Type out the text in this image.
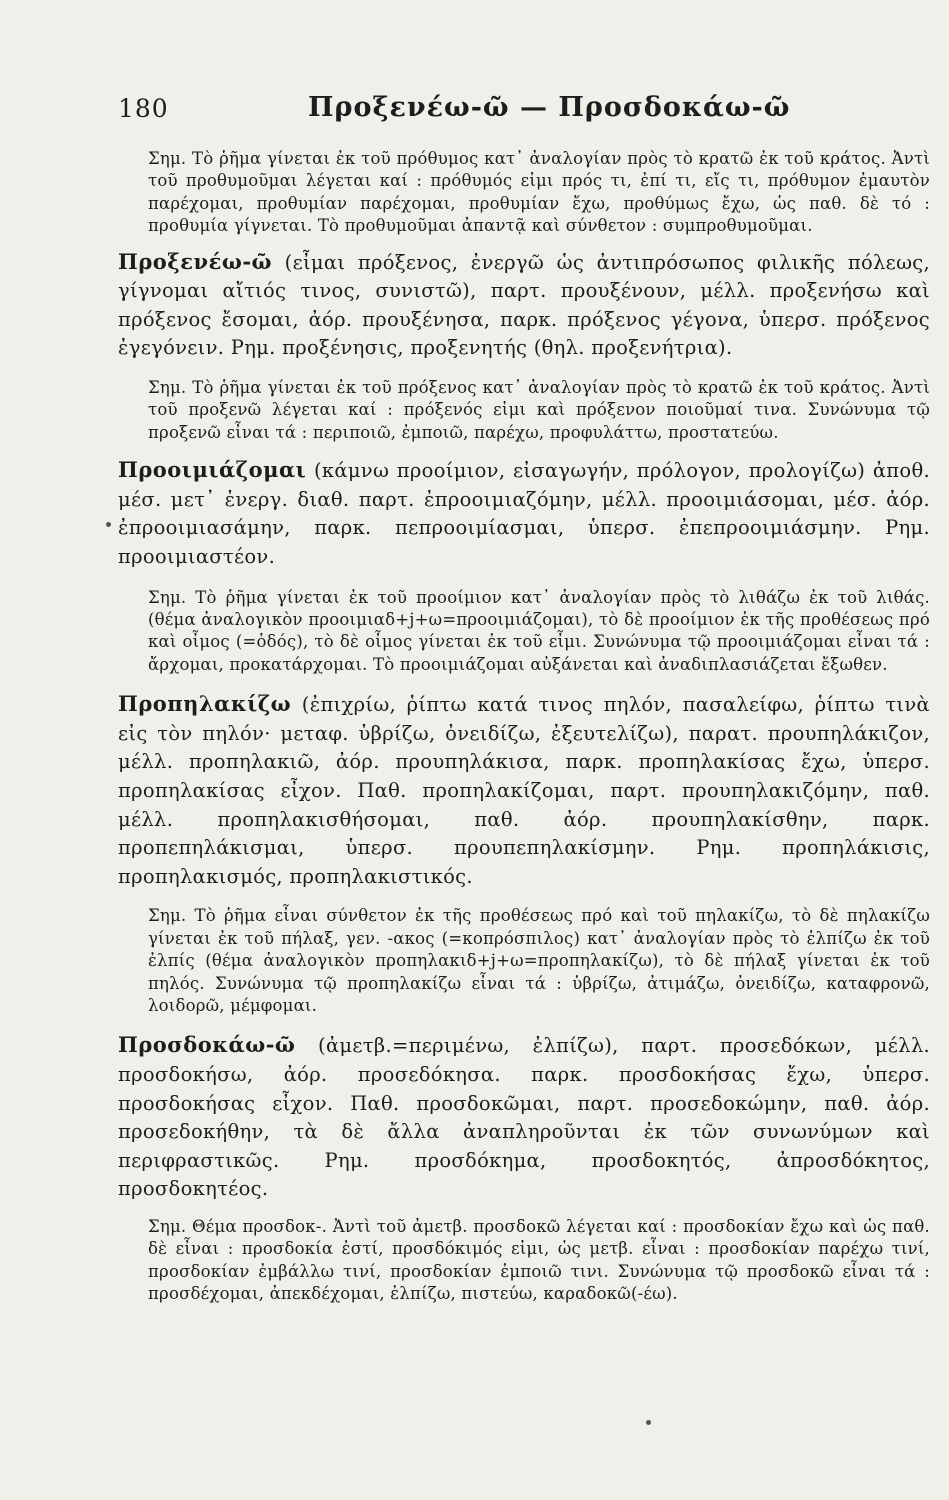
180	Προξενέω-ῶ — Προσδοκάω-ῶ

Σημ. Τὸ ῥῆμα γίνεται ἐκ τοῦ πρόθυμος κατ᾽ ἀναλογίαν πρὸς τὸ κρατῶ ἐκ τοῦ κράτος. Ἀντὶ τοῦ προθυμοῦμαι λέγεται καί : πρόθυμός εἰμι πρός τι, ἐπί τι, εἴς τι, πρόθυμον ἐμαυτὸν παρέχομαι, προθυμίαν παρέχομαι, προθυμίαν ἔχω, προθύμως ἔχω, ὡς παθ. δὲ τό : προθυμία γίγνεται. Τὸ προθυμοῦμαι ἀπαντᾷ καὶ σύνθετον : συμπροθυμοῦμαι.

Προξενέω-ῶ (εἶμαι πρόξενος, ἐνεργῶ ὡς ἀντιπρόσωπος φιλικῆς πόλεως, γίγνομαι αἴτιός τινος, συνιστῶ), παρτ. προυξένουν, μέλλ. προξενήσω καὶ πρόξενος ἔσομαι, ἀόρ. προυξένησα, παρκ. πρόξενος γέγονα, ὑπερσ. πρόξενος ἐγεγόνειν. Ρημ. προξένησις, προξενητής (θηλ. προξενήτρια).

Σημ. Τὸ ῥῆμα γίνεται ἐκ τοῦ πρόξενος κατ᾽ ἀναλογίαν πρὸς τὸ κρατῶ ἐκ τοῦ κράτος. Ἀντὶ τοῦ προξενῶ λέγεται καί : πρόξενός εἰμι καὶ πρόξενον ποιοῦμαί τινα. Συνώνυμα τῷ προξενῶ εἶναι τά : περιποιῶ, ἐμποιῶ, παρέχω, προφυλάττω, προστατεύω.

Προοιμιάζομαι (κάμνω προοίμιον, εἰσαγωγήν, πρόλογον, προλογίζω) ἀποθ. μέσ. μετ᾽ ἐνεργ. διαθ. παρτ. ἐπροοιμιαζόμην, μέλλ. προοιμιάσομαι, μέσ. ἀόρ. ἐπροοιμιασάμην, παρκ. πεπροοιμίασμαι, ὑπερσ. ἐπεπροοιμιάσμην. Ρημ. προοιμιαστέον.

Σημ. Τὸ ῥῆμα γίνεται ἐκ τοῦ προοίμιον κατ᾽ ἀναλογίαν πρὸς τὸ λιθάζω ἐκ τοῦ λιθάς. (θέμα ἀναλογικὸν προοιμιαδ+j+ω=προοιμιάζομαι), τὸ δὲ προοίμιον ἐκ τῆς προθέσεως πρό καὶ οἶμος (=ὁδός), τὸ δὲ οἶμος γίνεται ἐκ τοῦ εἶμι. Συνώνυμα τῷ προοιμιάζομαι εἶναι τά : ἄρχομαι, προκατάρχομαι. Τὸ προοιμιάζομαι αὐξάνεται καὶ ἀναδιπλασιάζεται ἔξωθεν.

Προπηλακίζω (ἐπιχρίω, ῥίπτω κατά τινος πηλόν, πασαλείφω, ῥίπτω τινὰ εἰς τὸν πηλόν· μεταφ. ὑβρίζω, ὀνειδίζω, ἐξευτελίζω), παρατ. προυπηλάκιζον, μέλλ. προπηλακιῶ, ἀόρ. προυπηλάκισα, παρκ. προπηλακίσας ἔχω, ὑπερσ. προπηλακίσας εἶχον. Παθ. προπηλακίζομαι, παρτ. προυπηλακιζόμην, παθ. μέλλ. προπηλακισθήσομαι, παθ. ἀόρ. προυπηλακίσθην, παρκ. προπεπηλάκισμαι, ὑπερσ. προυπεπηλακίσμην. Ρημ. προπηλάκισις, προπηλακισμός, προπηλακιστικός.

Σημ. Τὸ ῥῆμα εἶναι σύνθετον ἐκ τῆς προθέσεως πρό καὶ τοῦ πηλακίζω, τὸ δὲ πηλακίζω γίνεται ἐκ τοῦ πήλαξ, γεν. -ακος (=κοπρόσπιλος) κατ᾽ ἀναλογίαν πρὸς τὸ ἐλπίζω ἐκ τοῦ ἐλπίς (θέμα ἀναλογικὸν προπηλακιδ+j+ω=προπηλακίζω), τὸ δὲ πήλαξ γίνεται ἐκ τοῦ πηλός. Συνώνυμα τῷ προπηλακίζω εἶναι τά : ὑβρίζω, ἀτιμάζω, ὀνειδίζω, καταφρονῶ, λοιδορῶ, μέμφομαι.

Προσδοκάω-ῶ (ἀμετβ.=περιμένω, ἐλπίζω), παρτ. προσεδόκων, μέλλ. προσδοκήσω, ἀόρ. προσεδόκησα. παρκ. προσδοκήσας ἔχω, ὑπερσ. προσδοκήσας εἶχον. Παθ. προσδοκῶμαι, παρτ. προσεδοκώμην, παθ. ἀόρ. προσεδοκήθην, τὰ δὲ ἄλλα ἀναπληροῦνται ἐκ τῶν συνωνύμων καὶ περιφραστικῶς. Ρημ. προσδόκημα, προσδοκητός, ἀπροσδόκητος, προσδοκητέος.

Σημ. Θέμα προσδοκ-. Ἀντὶ τοῦ ἀμετβ. προσδοκῶ λέγεται καί : προσδοκίαν ἔχω καὶ ὡς παθ. δὲ εἶναι : προσδοκία ἐστί, προσδόκιμός εἰμι, ὡς μετβ. εἶναι : προσδοκίαν παρέχω τινί, προσδοκίαν ἐμβάλλω τινί, προσδοκίαν ἐμποιῶ τινι. Συνώνυμα τῷ προσδοκῶ εἶναι τά : προσδέχομαι, ἀπεκδέχομαι, ἐλπίζω, πιστεύω, καραδοκῶ(-έω).
